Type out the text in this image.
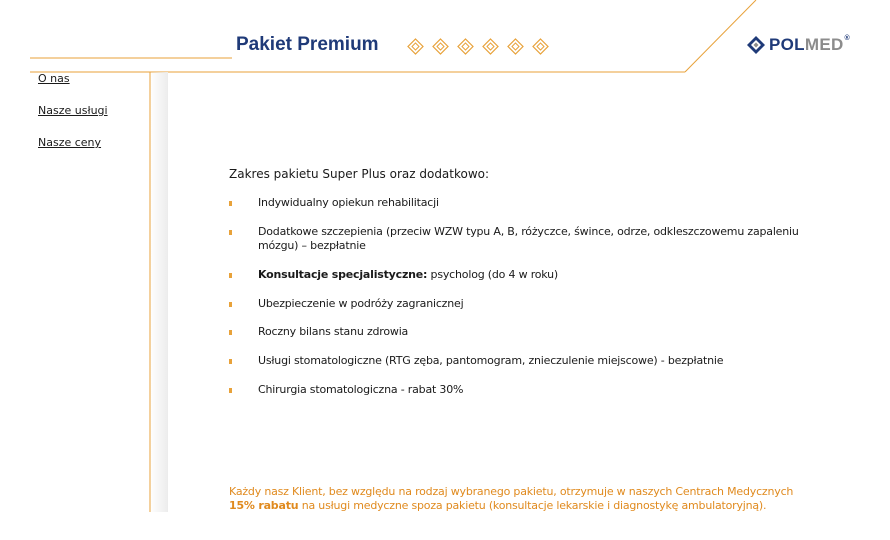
Pakiet Premium	POLMED®
O nas
Nasze usługi
Nasze ceny
Zakres pakietu Super Plus oraz dodatkowo:
Indywidualny opiekun rehabilitacji
Dodatkowe szczepienia (przeciw WZW typu A, B, różyczce, śwince, odrze, odkleszczowemu zapaleniu mózgu) – bezpłatnie
Konsultacje specjalistyczne: psycholog (do 4 w roku)
Ubezpieczenie w podróży zagranicznej
Roczny bilans stanu zdrowia
Usługi stomatologiczne (RTG zęba, pantomogram, znieczulenie miejscowe) - bezpłatnie
Chirurgia stomatologiczna - rabat 30%
Każdy nasz Klient, bez względu na rodzaj wybranego pakietu, otrzymuje w naszych Centrach Medycznych
15% rabatu na usługi medyczne spoza pakietu (konsultacje lekarskie i diagnostykę ambulatoryjną).
